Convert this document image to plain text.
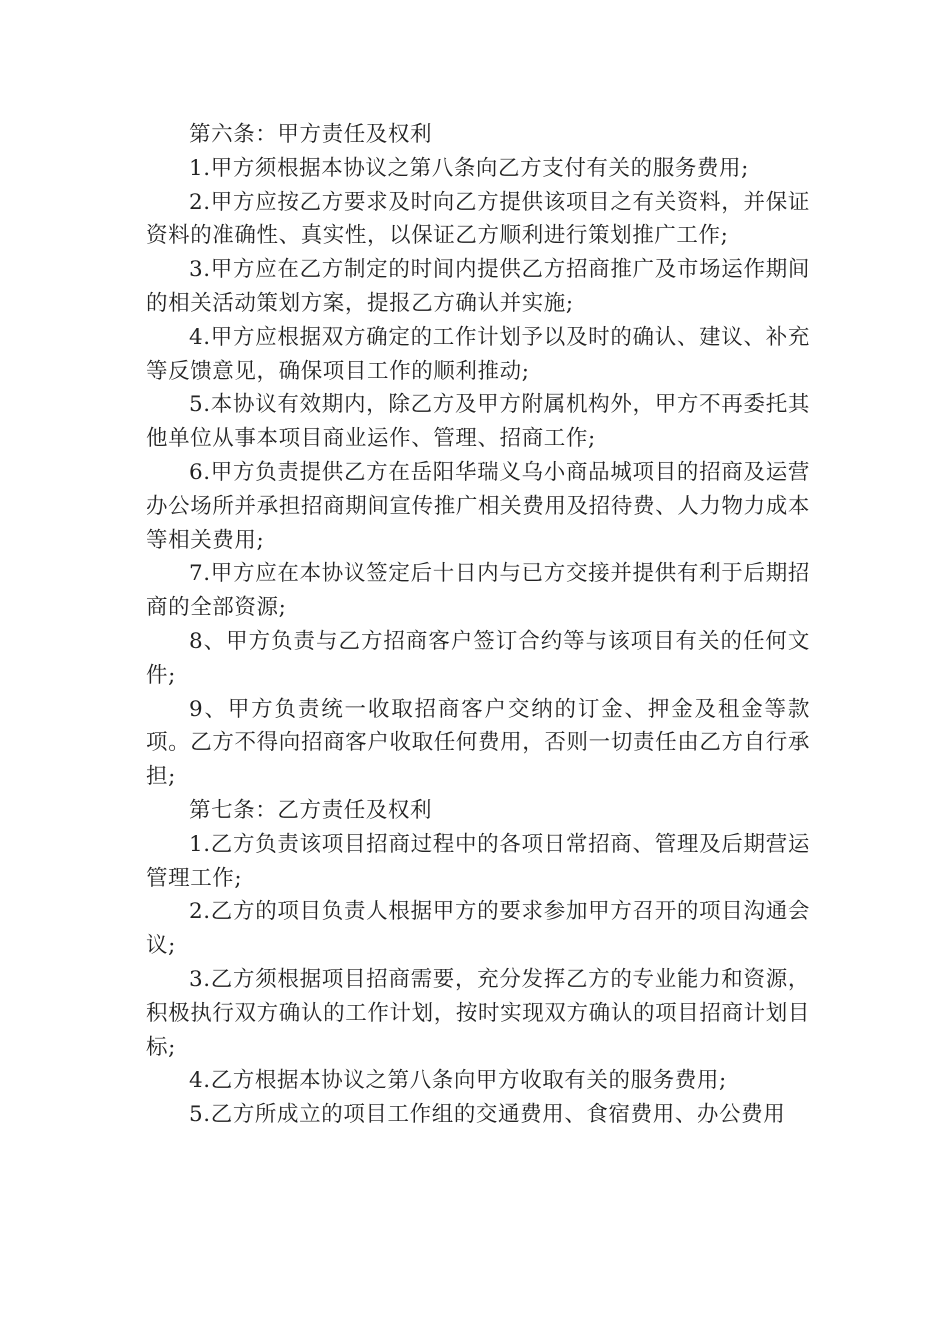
第六条：甲方责任及权利

1.甲方须根据本协议之第八条向乙方支付有关的服务费用;

2.甲方应按乙方要求及时向乙方提供该项目之有关资料，并保证资料的准确性、真实性，以保证乙方顺利进行策划推广工作;

3.甲方应在乙方制定的时间内提供乙方招商推广及市场运作期间的相关活动策划方案，提报乙方确认并实施;

4.甲方应根据双方确定的工作计划予以及时的确认、建议、补充等反馈意见，确保项目工作的顺利推动;

5.本协议有效期内，除乙方及甲方附属机构外，甲方不再委托其他单位从事本项目商业运作、管理、招商工作;

6.甲方负责提供乙方在岳阳华瑞义乌小商品城项目的招商及运营办公场所并承担招商期间宣传推广相关费用及招待费、人力物力成本等相关费用;

7.甲方应在本协议签定后十日内与已方交接并提供有利于后期招商的全部资源;

8、甲方负责与乙方招商客户签订合约等与该项目有关的任何文件;

9、甲方负责统一收取招商客户交纳的订金、押金及租金等款项。乙方不得向招商客户收取任何费用，否则一切责任由乙方自行承担;

第七条：乙方责任及权利

1.乙方负责该项目招商过程中的各项日常招商、管理及后期营运管理工作;

2.乙方的项目负责人根据甲方的要求参加甲方召开的项目沟通会议;

3.乙方须根据项目招商需要，充分发挥乙方的专业能力和资源，积极执行双方确认的工作计划，按时实现双方确认的项目招商计划目标;

4.乙方根据本协议之第八条向甲方收取有关的服务费用;

5.乙方所成立的项目工作组的交通费用、食宿费用、办公费用
